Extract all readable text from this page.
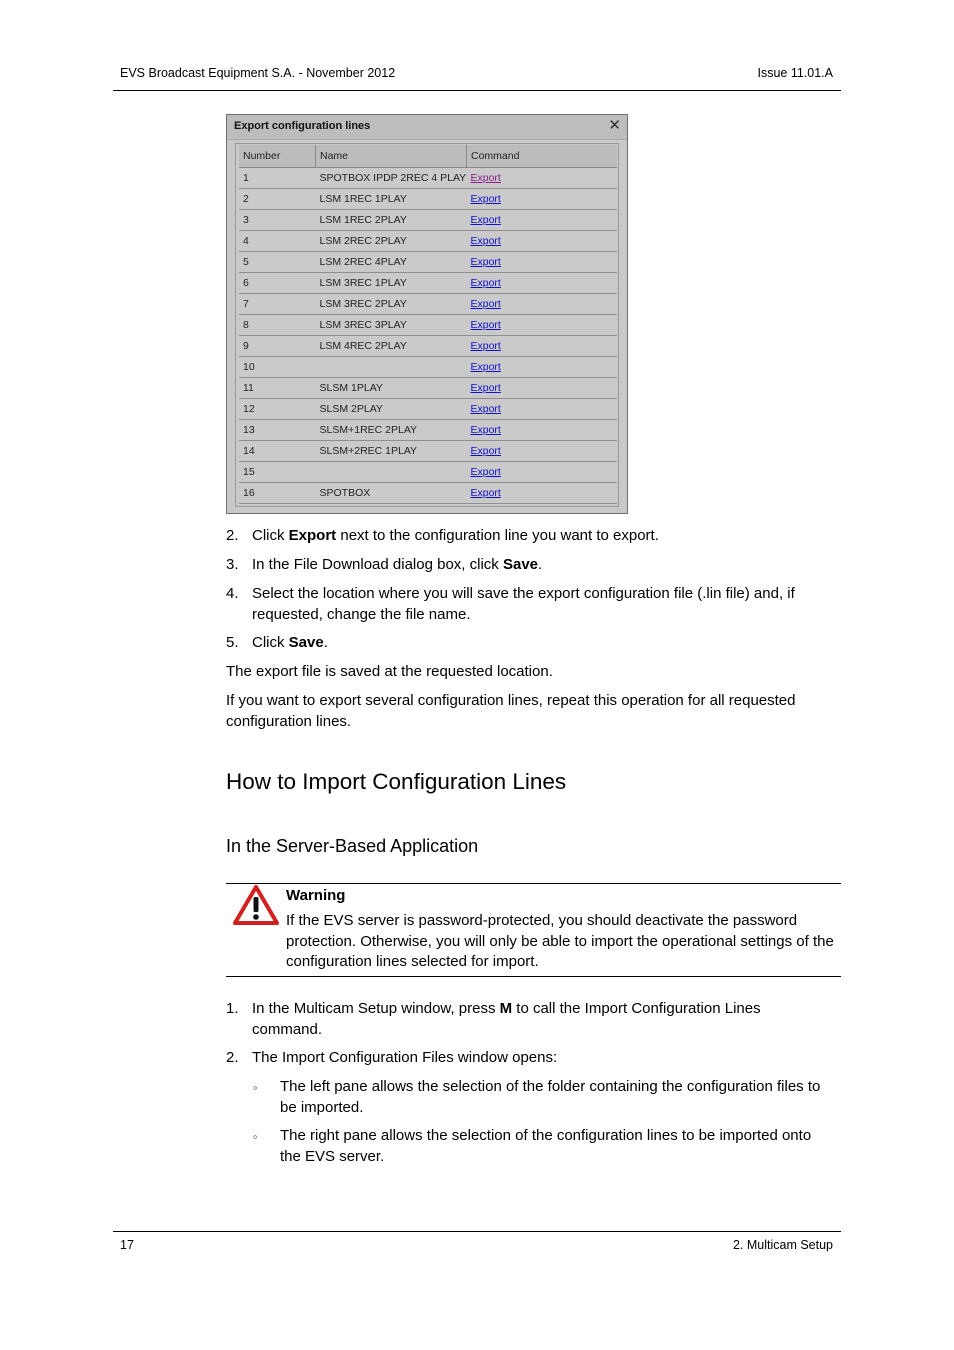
EVS Broadcast Equipment S.A. - November 2012	Issue 11.01.A
Export configuration lines	✕
Number	Name	Command
1	SPOTBOX IPDP 2REC 4 PLAY	Export
2	LSM 1REC 1PLAY	Export
3	LSM 1REC 2PLAY	Export
4	LSM 2REC 2PLAY	Export
5	LSM 2REC 4PLAY	Export
6	LSM 3REC 1PLAY	Export
7	LSM 3REC 2PLAY	Export
8	LSM 3REC 3PLAY	Export
9	LSM 4REC 2PLAY	Export
10		Export
11	SLSM 1PLAY	Export
12	SLSM 2PLAY	Export
13	SLSM+1REC 2PLAY	Export
14	SLSM+2REC 1PLAY	Export
15		Export
16	SPOTBOX	Export
2. Click Export next to the configuration line you want to export.
3. In the File Download dialog box, click Save.
4. Select the location where you will save the export configuration file (.lin file) and, if requested, change the file name.
5. Click Save.
The export file is saved at the requested location.
If you want to export several configuration lines, repeat this operation for all requested configuration lines.
How to Import Configuration Lines
In the Server-Based Application
Warning
If the EVS server is password-protected, you should deactivate the password protection. Otherwise, you will only be able to import the operational settings of the configuration lines selected for import.
1. In the Multicam Setup window, press M to call the Import Configuration Lines command.
2. The Import Configuration Files window opens:
◦ The left pane allows the selection of the folder containing the configuration files to be imported.
◦ The right pane allows the selection of the configuration lines to be imported onto the EVS server.
17	2. Multicam Setup
